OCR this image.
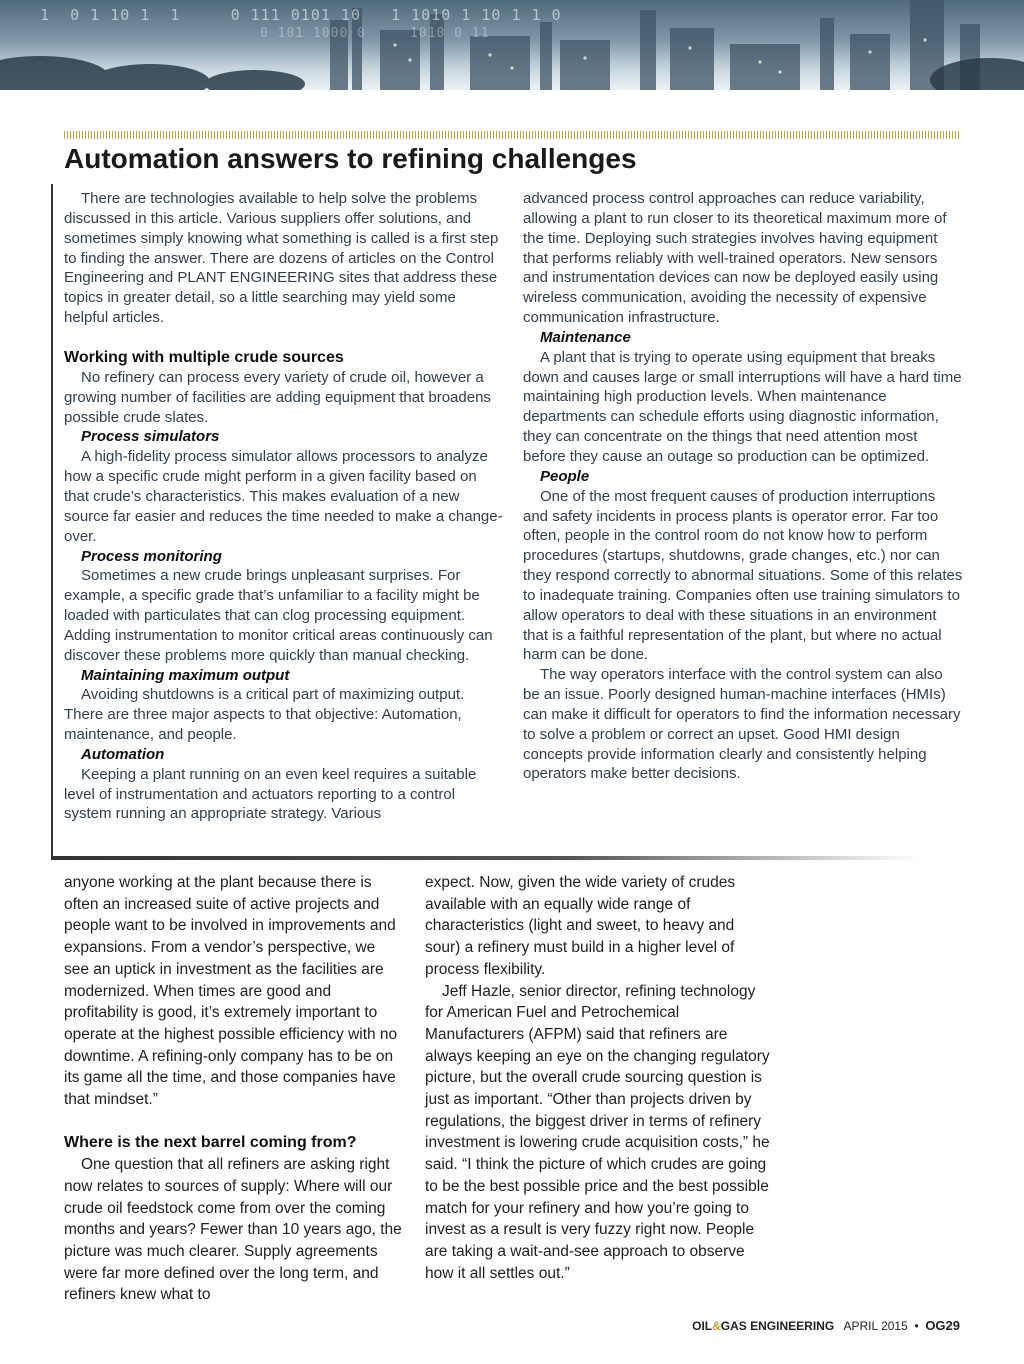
1  0 1 10 1  1     0 111 0101 10   1 1010 1 10 1 1 0
0 101 1000 0     1010 0 11
Automation answers to refining challenges

There are technologies available to help solve the problems discussed in this article. Various suppliers offer solutions, and sometimes simply knowing what something is called is a first step to finding the answer. There are dozens of articles on the Control Engineering and PLANT ENGINEERING sites that address these topics in greater detail, so a little searching may yield some helpful articles.

Working with multiple crude sources

No refinery can process every variety of crude oil, however a growing number of facilities are adding equipment that broadens possible crude slates.

Process simulators

A high-fidelity process simulator allows processors to analyze how a specific crude might perform in a given facility based on that crude’s characteristics. This makes evaluation of a new source far easier and reduces the time needed to make a change-over.

Process monitoring

Sometimes a new crude brings unpleasant surprises. For example, a specific grade that’s unfamiliar to a facility might be loaded with particulates that can clog processing equipment. Adding instrumentation to monitor critical areas continuously can discover these problems more quickly than manual checking.

Maintaining maximum output

Avoiding shutdowns is a critical part of maximizing output. There are three major aspects to that objective: Automation, maintenance, and people.

Automation

Keeping a plant running on an even keel requires a suitable level of instrumentation and actuators reporting to a control system running an appropriate strategy. Various

advanced process control approaches can reduce variability, allowing a plant to run closer to its theoretical maximum more of the time. Deploying such strategies involves having equipment that performs reliably with well-trained operators. New sensors and instrumentation devices can now be deployed easily using wireless communication, avoiding the necessity of expensive communication infrastructure.

Maintenance

A plant that is trying to operate using equipment that breaks down and causes large or small interruptions will have a hard time maintaining high production levels. When maintenance departments can schedule efforts using diagnostic information, they can concentrate on the things that need attention most before they cause an outage so production can be optimized.

People

One of the most frequent causes of production interruptions and safety incidents in process plants is operator error. Far too often, people in the control room do not know how to perform procedures (startups, shutdowns, grade changes, etc.) nor can they respond correctly to abnormal situations. Some of this relates to inadequate training. Companies often use training simulators to allow operators to deal with these situations in an environment that is a faithful representation of the plant, but where no actual harm can be done.

The way operators interface with the control system can also be an issue. Poorly designed human-machine interfaces (HMIs) can make it difficult for operators to find the information necessary to solve a problem or correct an upset. Good HMI design concepts provide information clearly and consistently helping operators make better decisions.

anyone working at the plant because there is often an increased suite of active projects and people want to be involved in improvements and expansions. From a vendor’s perspective, we see an uptick in investment as the facilities are modernized. When times are good and profitability is good, it’s extremely important to operate at the highest possible efficiency with no downtime. A refining-only company has to be on its game all the time, and those companies have that mindset.”

Where is the next barrel coming from?

One question that all refiners are asking right now relates to sources of supply: Where will our crude oil feedstock come from over the coming months and years? Fewer than 10 years ago, the picture was much clearer. Supply agreements were far more defined over the long term, and refiners knew what to

expect. Now, given the wide variety of crudes available with an equally wide range of characteristics (light and sweet, to heavy and sour) a refinery must build in a higher level of process flexibility.

Jeff Hazle, senior director, refining technology for American Fuel and Petrochemical Manufacturers (AFPM) said that refiners are always keeping an eye on the changing regulatory picture, but the overall crude sourcing question is just as important. “Other than projects driven by regulations, the biggest driver in terms of refinery investment is lowering crude acquisition costs,” he said. “I think the picture of which crudes are going to be the best possible price and the best possible match for your refinery and how you’re going to invest as a result is very fuzzy right now. People are taking a wait-and-see approach to observe how it all settles out.”

OIL&GAS ENGINEERING APRIL 2015 • OG29
